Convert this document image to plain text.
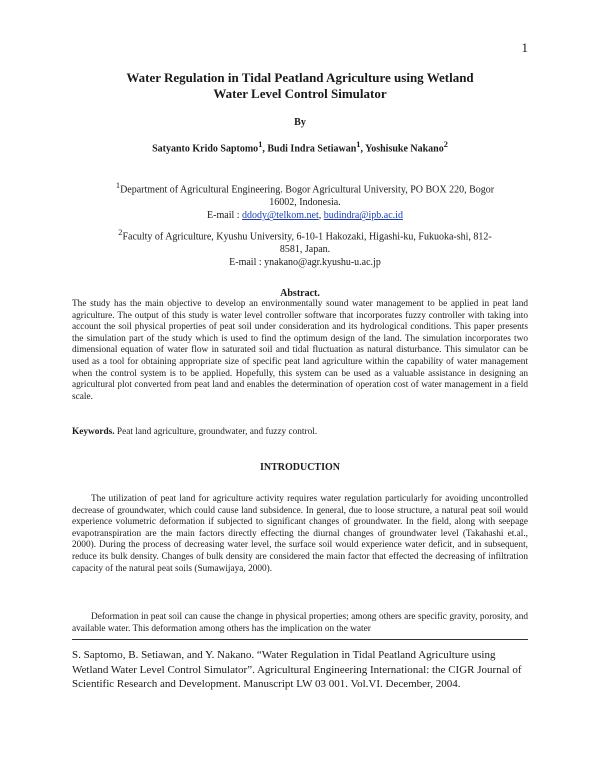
1
Water Regulation in Tidal Peatland Agriculture using Wetland
Water Level Control Simulator
By
Satyanto Krido Saptomo$^1$, Budi Indra Setiawan$^1$, Yoshisuke Nakano$^2$
$^1$Department of Agricultural Engineering. Bogor Agricultural University, PO BOX 220, Bogor 16002, Indonesia.
E-mail : ddody@telkom.net, budindra@ipb.ac.id
$^2$Faculty of Agriculture, Kyushu University, 6-10-1 Hakozaki, Higashi-ku, Fukuoka-shi, 812-8581, Japan.
E-mail : ynakano@agr.kyushu-u.ac.jp
Abstract.
The study has the main objective to develop an environmentally sound water management to be applied in peat land agriculture. The output of this study is water level controller software that incorporates fuzzy controller with taking into account the soil physical properties of peat soil under consideration and its hydrological conditions. This paper presents the simulation part of the study which is used to find the optimum design of the land. The simulation incorporates two dimensional equation of water flow in saturated soil and tidal fluctuation as natural disturbance. This simulator can be used as a tool for obtaining appropriate size of specific peat land agriculture within the capability of water management when the control system is to be applied. Hopefully, this system can be used as a valuable assistance in designing an agricultural plot converted from peat land and enables the determination of operation cost of water management in a field scale.
Keywords. Peat land agriculture, groundwater, and fuzzy control.
INTRODUCTION
The utilization of peat land for agriculture activity requires water regulation particularly for avoiding uncontrolled decrease of groundwater, which could cause land subsidence. In general, due to loose structure, a natural peat soil would experience volumetric deformation if subjected to significant changes of groundwater. In the field, along with seepage evapotranspiration are the main factors directly effecting the diurnal changes of groundwater level (Takahashi et.al., 2000). During the process of decreasing water level, the surface soil would experience water deficit, and in subsequent, reduce its bulk density. Changes of bulk density are considered the main factor that effected the decreasing of infiltration capacity of the natural peat soils (Sumawijaya, 2000).
Deformation in peat soil can cause the change in physical properties; among others are specific gravity, porosity, and available water. This deformation among others has the implication on the water
S. Saptomo, B. Setiawan, and Y. Nakano. “Water Regulation in Tidal Peatland Agriculture using Wetland Water Level Control Simulator”. Agricultural Engineering International: the CIGR Journal of Scientific Research and Development. Manuscript LW 03 001. Vol.VI. December, 2004.
